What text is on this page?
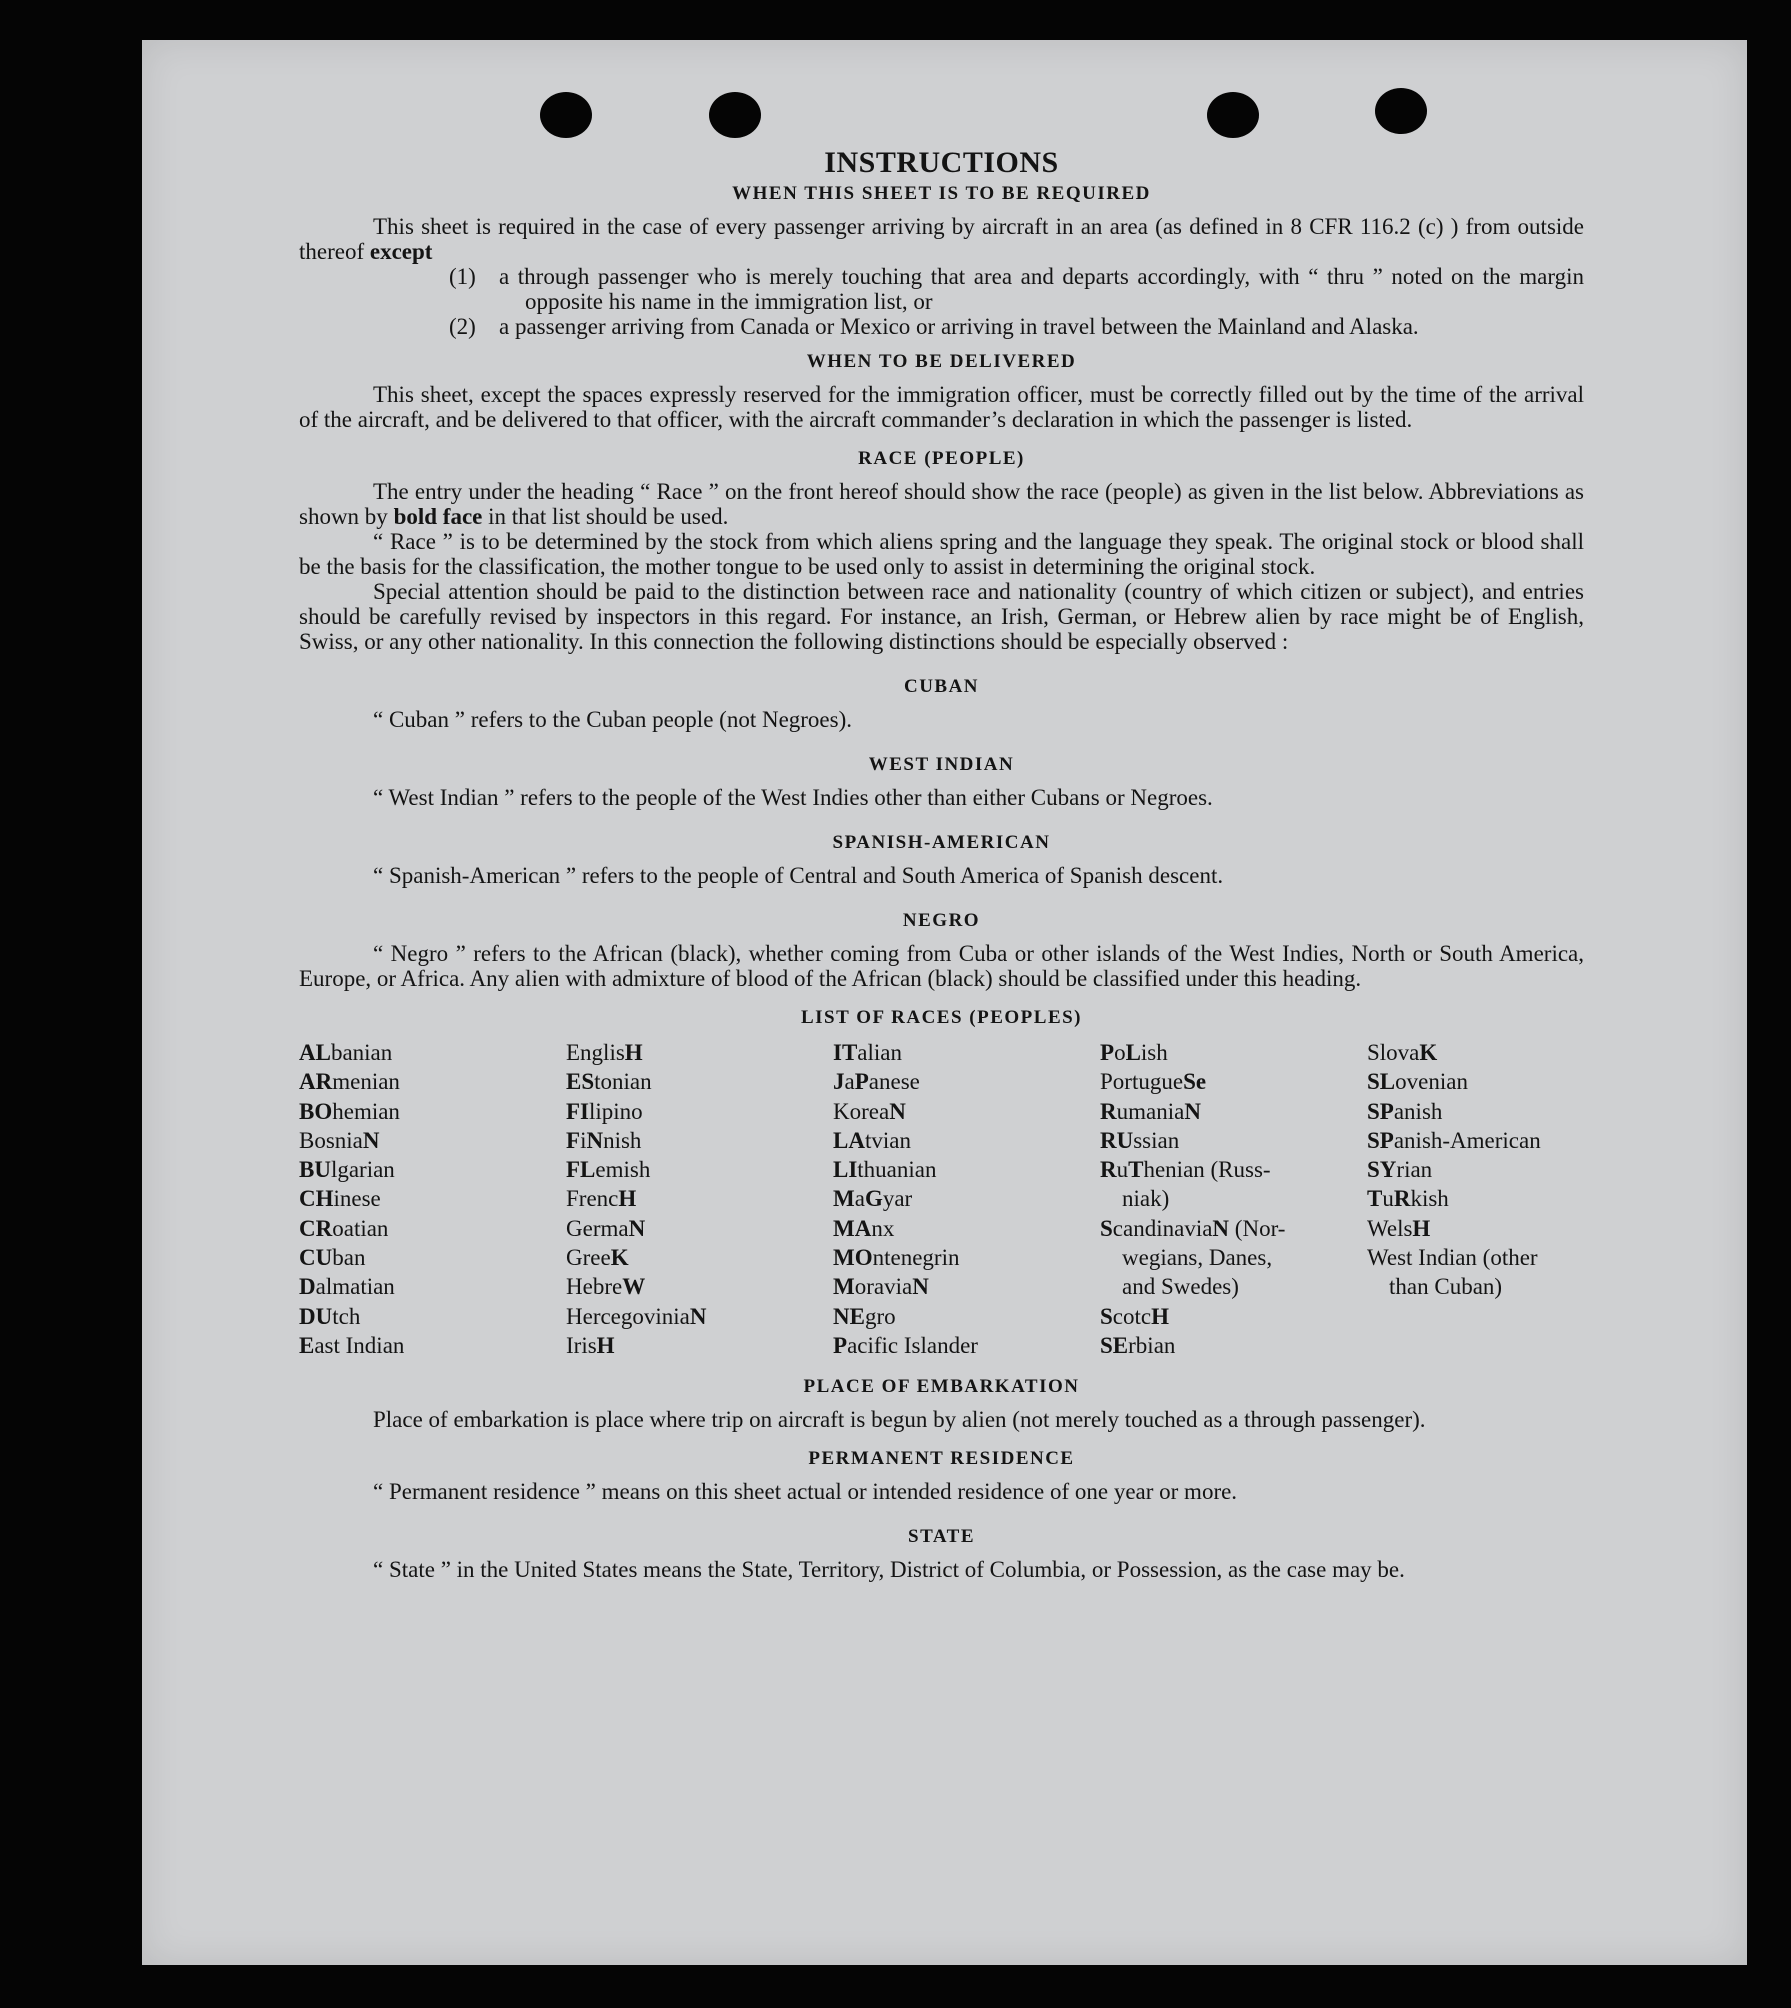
INSTRUCTIONS
WHEN THIS SHEET IS TO BE REQUIRED

This sheet is required in the case of every passenger arriving by aircraft in an area (as defined in 8 CFR 116.2 (c) ) from outside thereof except

(1)	a through passenger who is merely touching that area and departs accordingly, with “ thru ” noted on the margin opposite his name in the immigration list, or
(2)	a passenger arriving from Canada or Mexico or arriving in travel between the Mainland and Alaska.
WHEN TO BE DELIVERED

This sheet, except the spaces expressly reserved for the immigration officer, must be correctly filled out by the time of the arrival of the aircraft, and be delivered to that officer, with the aircraft commander’s declaration in which the passenger is listed.

RACE (PEOPLE)

The entry under the heading “ Race ” on the front hereof should show the race (people) as given in the list below. Abbreviations as shown by bold face in that list should be used.

“ Race ” is to be determined by the stock from which aliens spring and the language they speak. The original stock or blood shall be the basis for the classification, the mother tongue to be used only to assist in determining the original stock.

Special attention should be paid to the distinction between race and nationality (country of which citizen or subject), and entries should be carefully revised by inspectors in this regard. For instance, an Irish, German, or Hebrew alien by race might be of English, Swiss, or any other nationality. In this connection the following distinctions should be especially observed :

CUBAN

“ Cuban ” refers to the Cuban people (not Negroes).

WEST INDIAN

“ West Indian ” refers to the people of the West Indies other than either Cubans or Negroes.

SPANISH-AMERICAN

“ Spanish-American ” refers to the people of Central and South America of Spanish descent.

NEGRO

“ Negro ” refers to the African (black), whether coming from Cuba or other islands of the West Indies, North or South America, Europe, or Africa. Any alien with admixture of blood of the African (black) should be classified under this heading.

LIST OF RACES (PEOPLES)
ALbanian
ARmenian
BOhemian
BosniaN
BUlgarian
CHinese
CRoatian
CUban
Dalmatian
DUtch
East Indian
EnglisH
EStonian
FIlipino
FiNnish
FLemish
FrencH
GermaN
GreeK
HebreW
HercegoviniaN
IrisH
ITalian
JaPanese
KoreaN
LAtvian
LIthuanian
MaGyar
MAnx
MOntenegrin
MoraviaN
NEgro
Pacific Islander
PoLish
PortugueSe
RumaniaN
RUssian
RuThenian (Russ-
niak)
ScandinaviaN (Nor-
wegians, Danes,
and Swedes)
ScotcH
SErbian
SlovaK
SLovenian
SPanish
SPanish-American
SYrian
TuRkish
WelsH
West Indian (other
than Cuban)
PLACE OF EMBARKATION

Place of embarkation is place where trip on aircraft is begun by alien (not merely touched as a through passenger).

PERMANENT RESIDENCE

“ Permanent residence ” means on this sheet actual or intended residence of one year or more.

STATE

“ State ” in the United States means the State, Territory, District of Columbia, or Possession, as the case may be.
